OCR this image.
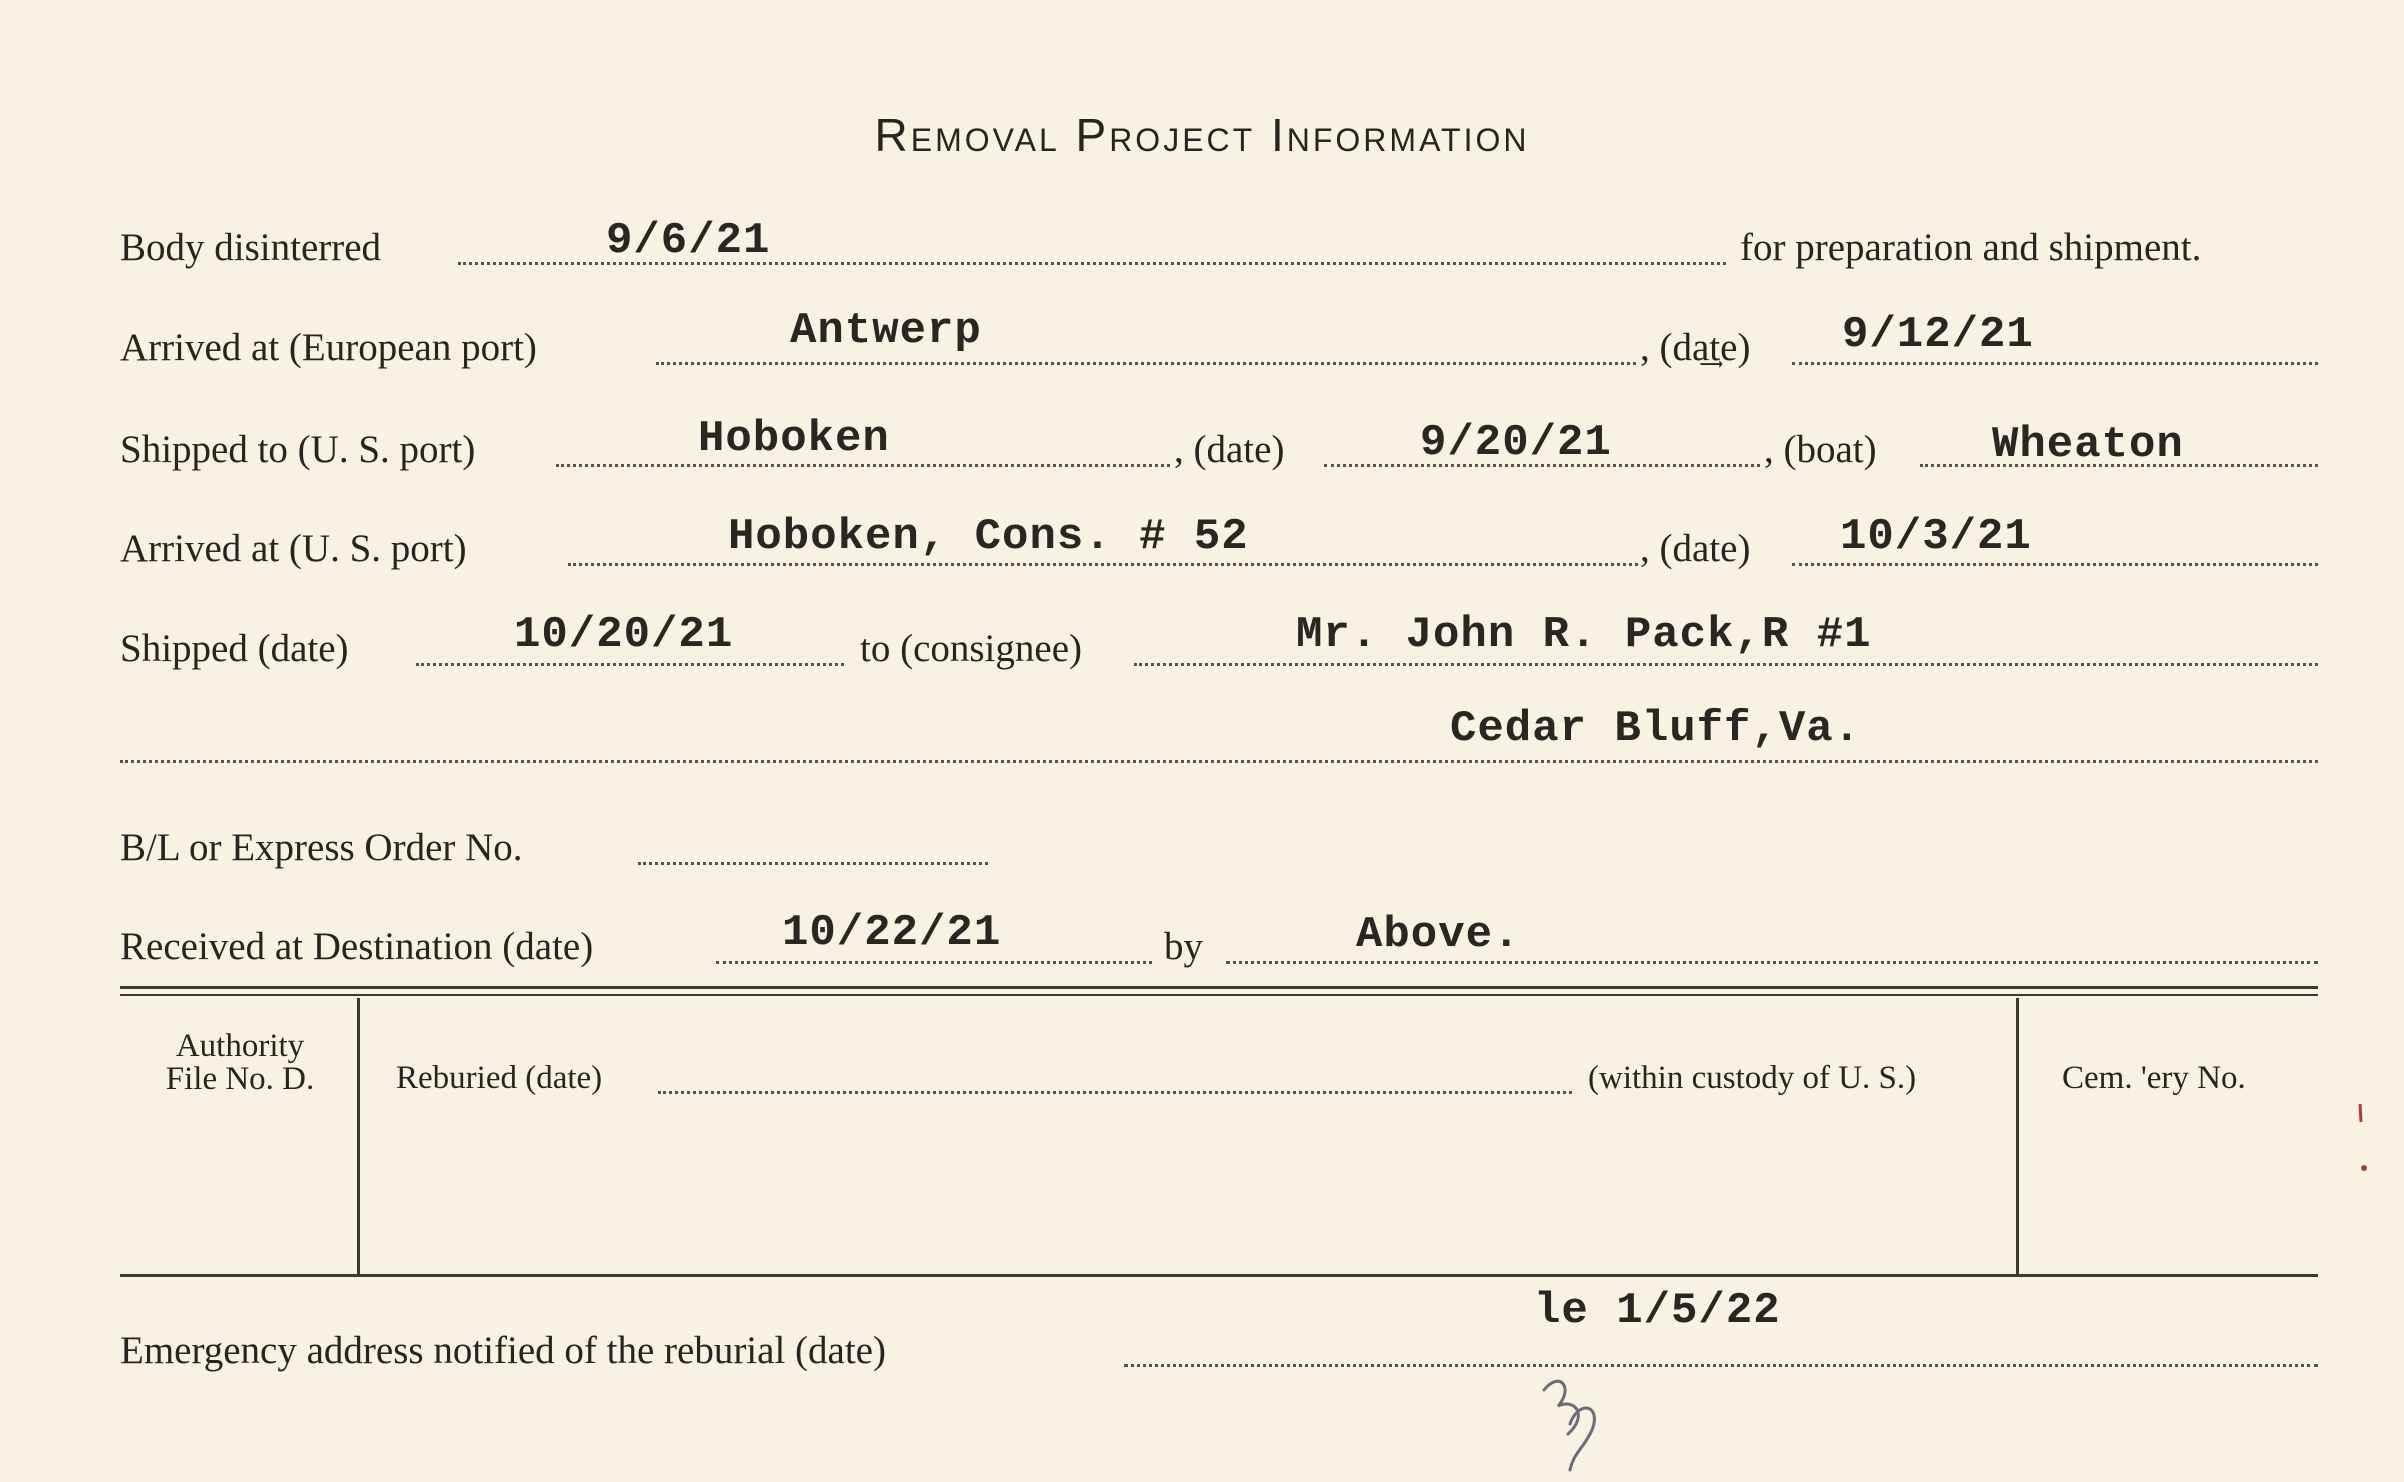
Removal Project Information
Body disinterred	9/6/21	for preparation and shipment.
Arrived at (European port)	Antwerp	, (da͢te) 9/12/21
Shipped to (U. S. port)	Hoboken	, (date)	9/20/21	, (boat)	Wheaton
Arrived at (U. S. port)	Hoboken, Cons. # 52	, (date) 10/3/21
Shipped (date)	10/20/21	to (consignee)	Mr. John R. Pack,R #1
Cedar Bluff,Va.
B/L or Express Order No.
Received at Destination (date)	10/22/21	by	Above.
Authority
File No. D.	Reburied (date)	(within custody of U. S.)	Cem. 'ery No.
Emergency address notified of the reburial (date)
le 1/5/22
